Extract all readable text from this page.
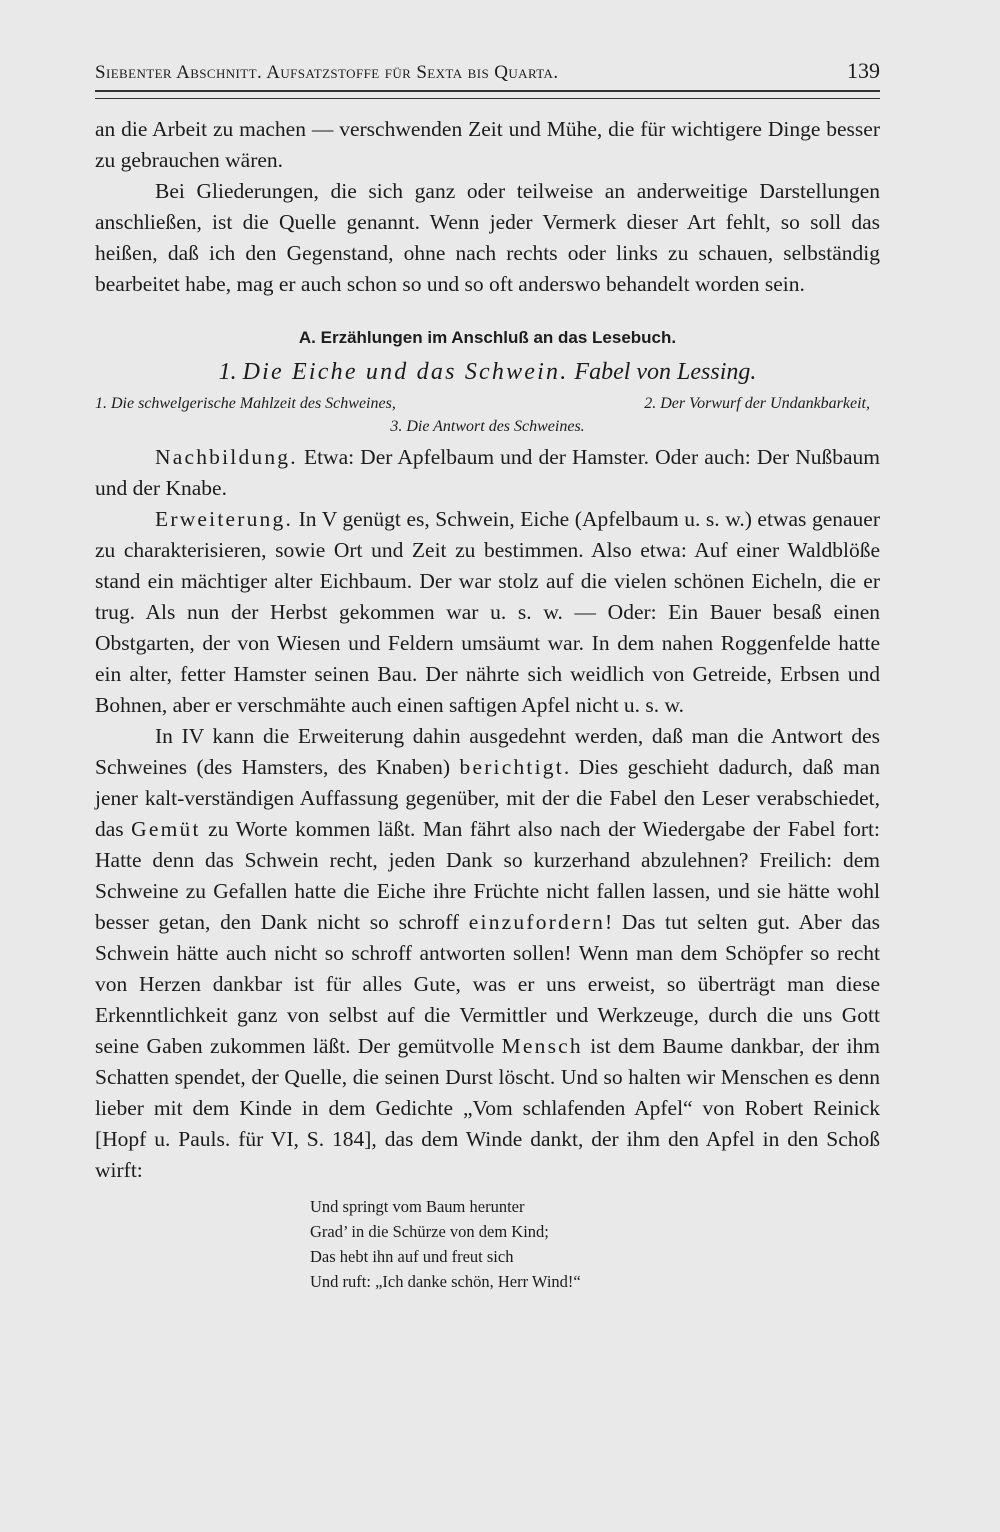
Siebenter Abschnitt. Aufsatzstoffe für Sexta bis Quarta.	139

an die Arbeit zu machen — verschwenden Zeit und Mühe, die für wichtigere Dinge besser zu gebrauchen wären.

Bei Gliederungen, die sich ganz oder teilweise an anderweitige Darstellungen anschließen, ist die Quelle genannt. Wenn jeder Vermerk dieser Art fehlt, so soll das heißen, daß ich den Gegenstand, ohne nach rechts oder links zu schauen, selbständig bearbeitet habe, mag er auch schon so und so oft anderswo behandelt worden sein.

A. Erzählungen im Anschluß an das Lesebuch.
1. Die Eiche und das Schwein. Fabel von Lessing.
1. Die schwelgerische Mahlzeit des Schweines,	2. Der Vorwurf der Undankbarkeit,
3. Die Antwort des Schweines.

Nachbildung. Etwa: Der Apfelbaum und der Hamster. Oder auch: Der Nußbaum und der Knabe.

Erweiterung. In V genügt es, Schwein, Eiche (Apfelbaum u. s. w.) etwas genauer zu charakterisieren, sowie Ort und Zeit zu bestimmen. Also etwa: Auf einer Waldblöße stand ein mächtiger alter Eichbaum. Der war stolz auf die vielen schönen Eicheln, die er trug. Als nun der Herbst gekommen war u. s. w. — Oder: Ein Bauer besaß einen Obstgarten, der von Wiesen und Feldern umsäumt war. In dem nahen Roggenfelde hatte ein alter, fetter Hamster seinen Bau. Der nährte sich weidlich von Getreide, Erbsen und Bohnen, aber er verschmähte auch einen saftigen Apfel nicht u. s. w.

In IV kann die Erweiterung dahin ausgedehnt werden, daß man die Antwort des Schweines (des Hamsters, des Knaben) berichtigt. Dies geschieht dadurch, daß man jener kalt-verständigen Auffassung gegenüber, mit der die Fabel den Leser verabschiedet, das Gemüt zu Worte kommen läßt. Man fährt also nach der Wiedergabe der Fabel fort: Hatte denn das Schwein recht, jeden Dank so kurzerhand abzulehnen? Freilich: dem Schweine zu Gefallen hatte die Eiche ihre Früchte nicht fallen lassen, und sie hätte wohl besser getan, den Dank nicht so schroff einzufordern! Das tut selten gut. Aber das Schwein hätte auch nicht so schroff antworten sollen! Wenn man dem Schöpfer so recht von Herzen dankbar ist für alles Gute, was er uns erweist, so überträgt man diese Erkenntlichkeit ganz von selbst auf die Vermittler und Werkzeuge, durch die uns Gott seine Gaben zukommen läßt. Der gemütvolle Mensch ist dem Baume dankbar, der ihm Schatten spendet, der Quelle, die seinen Durst löscht. Und so halten wir Menschen es denn lieber mit dem Kinde in dem Gedichte „Vom schlafenden Apfel“ von Robert Reinick [Hopf u. Pauls. für VI, S. 184], das dem Winde dankt, der ihm den Apfel in den Schoß wirft:

Und springt vom Baum herunter
Grad’ in die Schürze von dem Kind;
Das hebt ihn auf und freut sich
Und ruft: „Ich danke schön, Herr Wind!“
